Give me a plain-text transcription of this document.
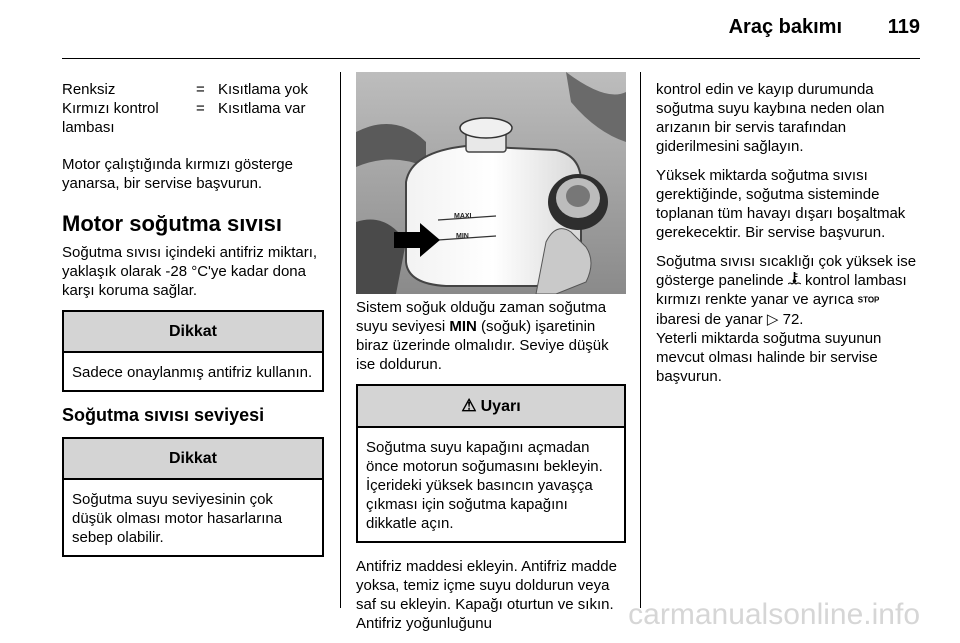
Araç bakımı 119
Renksiz	= Kısıtlama yok
Kırmızı kontrol lambası
= Kısıtlama var

Motor çalıştığında kırmızı gösterge yanarsa, bir servise başvurun.

Motor soğutma sıvısı

Soğutma sıvısı içindeki antifriz miktarı, yaklaşık olarak -28 °C'ye kadar dona karşı koruma sağlar.

Dikkat
Sadece onaylanmış antifriz kullanın.
Soğutma sıvısı seviyesi
Dikkat
Soğutma suyu seviyesinin çok düşük olması motor hasarlarına sebep olabilir.
MAXI
MIN

Sistem soğuk olduğu zaman soğutma suyu seviyesi MIN (soğuk) işaretinin biraz üzerinde olmalıdır. Seviye düşük ise doldurun.

⚠ Uyarı
Soğutma suyu kapağını açmadan önce motorun soğumasını bekleyin. İçerideki yüksek basıncın yavaşça çıkması için soğutma kapağını dikkatle açın.

Antifriz maddesi ekleyin. Antifriz madde yoksa, temiz içme suyu doldurun veya saf su ekleyin. Kapağı oturtun ve sıkın. Antifriz yoğunluğunu

kontrol edin ve kayıp durumunda soğutma suyu kaybına neden olan arızanın bir servis tarafından giderilmesini sağlayın.

Yüksek miktarda soğutma sıvısı gerektiğinde, soğutma sisteminde toplanan tüm havayı dışarı boşaltmak gerekecektir. Bir servise başvurun.

Soğutma sıvısı sıcaklığı çok yüksek ise gösterge panelinde kontrol lambası kırmızı renkte yanar ve ayrıca STOP ibaresi de yanar ▷ 72.

Yeterli miktarda soğutma suyunun mevcut olması halinde bir servise başvurun.

carmanualsonline.info
